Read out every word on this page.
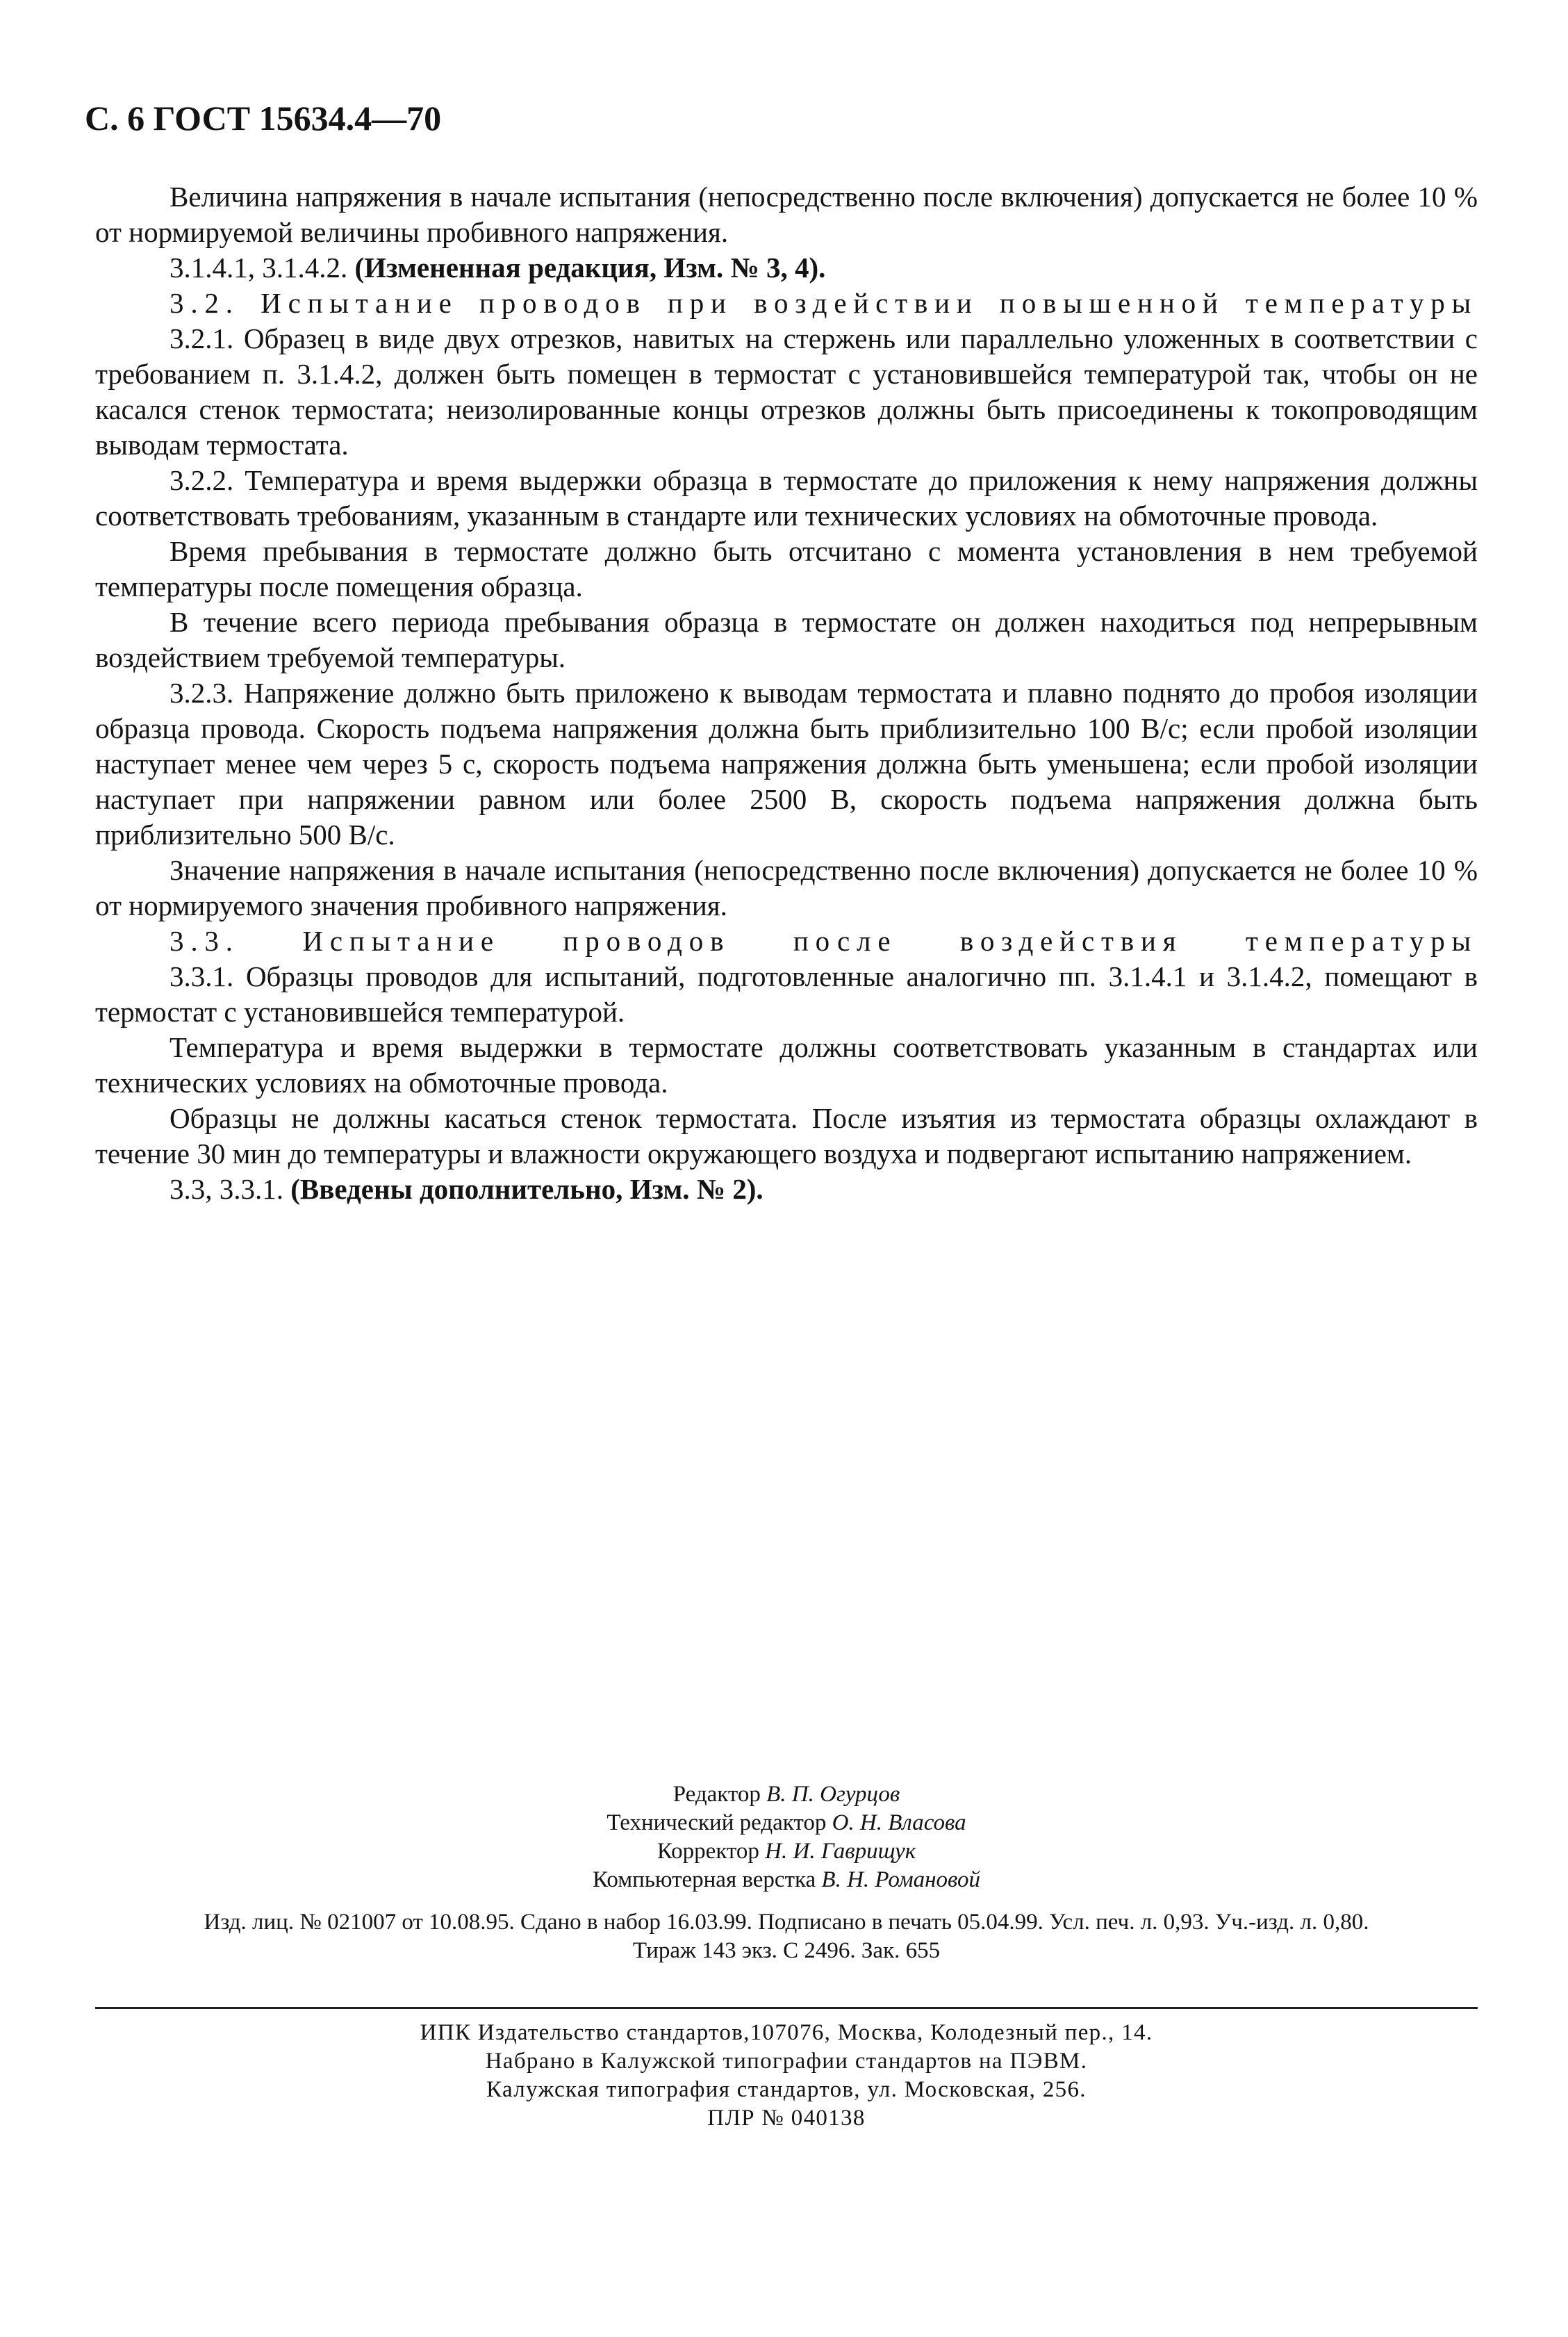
С. 6 ГОСТ 15634.4—70

Величина напряжения в начале испытания (непосредственно после включения) допускается не более 10 % от нормируемой величины пробивного напряжения.

3.1.4.1, 3.1.4.2. (Измененная редакция, Изм. № 3, 4).

3.2. Испытание проводов при воздействии повышенной температуры

3.2.1. Образец в виде двух отрезков, навитых на стержень или параллельно уложенных в соответствии с требованием п. 3.1.4.2, должен быть помещен в термостат с установившейся температурой так, чтобы он не касался стенок термостата; неизолированные концы отрезков должны быть присоединены к токопроводящим выводам термостата.

3.2.2. Температура и время выдержки образца в термостате до приложения к нему напряжения должны соответствовать требованиям, указанным в стандарте или технических условиях на обмоточные провода.

Время пребывания в термостате должно быть отсчитано с момента установления в нем требуемой температуры после помещения образца.

В течение всего периода пребывания образца в термостате он должен находиться под непрерывным воздействием требуемой температуры.

3.2.3. Напряжение должно быть приложено к выводам термостата и плавно поднято до пробоя изоляции образца провода. Скорость подъема напряжения должна быть приблизительно 100 В/с; если пробой изоляции наступает менее чем через 5 с, скорость подъема напряжения должна быть уменьшена; если пробой изоляции наступает при напряжении равном или более 2500 В, скорость подъема напряжения должна быть приблизительно 500 В/с.

Значение напряжения в начале испытания (непосредственно после включения) допускается не более 10 % от нормируемого значения пробивного напряжения.

3.3. Испытание проводов после воздействия температуры

3.3.1. Образцы проводов для испытаний, подготовленные аналогично пп. 3.1.4.1 и 3.1.4.2, помещают в термостат с установившейся температурой.

Температура и время выдержки в термостате должны соответствовать указанным в стандартах или технических условиях на обмоточные провода.

Образцы не должны касаться стенок термостата. После изъятия из термостата образцы охлаждают в течение 30 мин до температуры и влажности окружающего воздуха и подвергают испытанию напряжением.

3.3, 3.3.1. (Введены дополнительно, Изм. № 2).

Редактор В. П. Огурцов

Технический редактор О. Н. Власова

Корректор Н. И. Гаврищук

Компьютерная верстка В. Н. Романовой

Изд. лиц. № 021007 от 10.08.95. Сдано в набор 16.03.99. Подписано в печать 05.04.99. Усл. печ. л. 0,93. Уч.-изд. л. 0,80.

Тираж 143 экз. С 2496. Зак. 655

ИПК Издательство стандартов,107076, Москва, Колодезный пер., 14.

Набрано в Калужской типографии стандартов на ПЭВМ.

Калужская типография стандартов, ул. Московская, 256.

ПЛР № 040138
